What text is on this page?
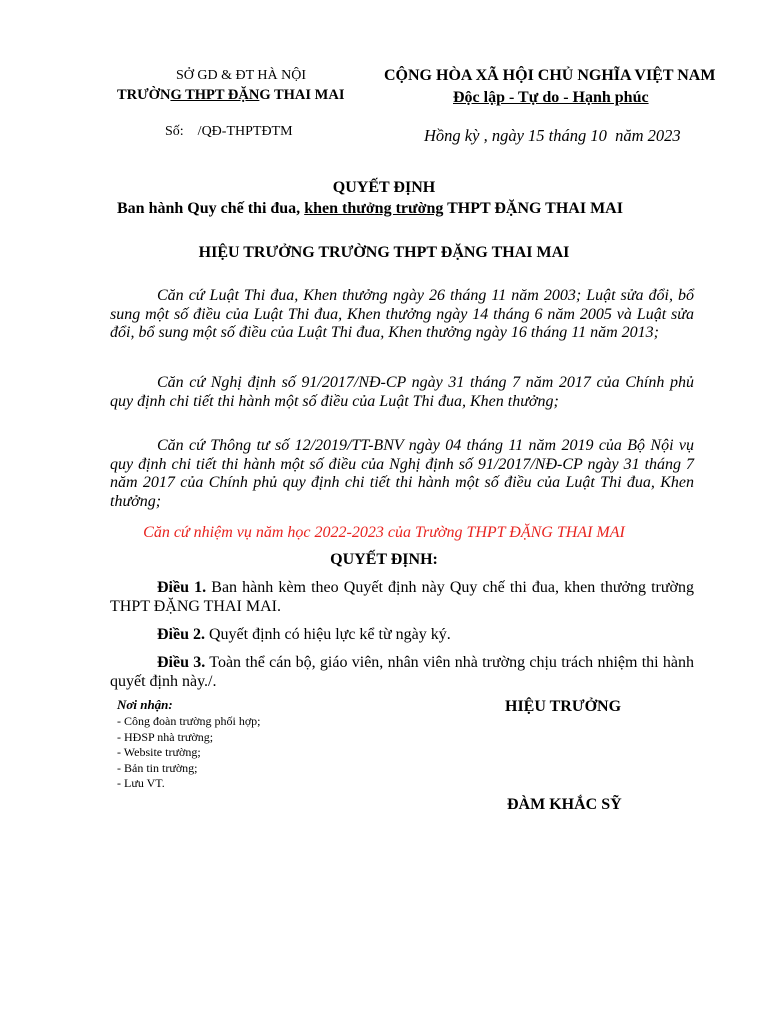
SỞ GD & ĐT HÀ NỘI
TRƯỜNG THPT ĐẶNG THAI MAI
Số:    /QĐ-THPTĐTM
CỘNG HÒA XÃ HỘI CHỦ NGHĨA VIỆT NAM
Độc lập - Tự do - Hạnh phúc
Hồng kỳ , ngày 15 tháng 10  năm 2023
QUYẾT ĐỊNH
Ban hành Quy chế thi đua, khen thưởng trường THPT ĐẶNG THAI MAI
HIỆU TRƯỞNG TRƯỜNG THPT ĐẶNG THAI MAI
Căn cứ Luật Thi đua, Khen thưởng ngày 26 tháng 11 năm 2003; Luật sửa đổi, bổ sung một số điều của Luật Thi đua, Khen thưởng ngày 14 tháng 6 năm 2005 và Luật sửa đổi, bổ sung một số điều của Luật Thi đua, Khen thưởng ngày 16 tháng 11 năm 2013;
Căn cứ Nghị định số 91/2017/NĐ-CP ngày 31 tháng 7 năm 2017 của Chính phủ quy định chi tiết thi hành một số điều của Luật Thi đua, Khen thưởng;
Căn cứ Thông tư số 12/2019/TT-BNV ngày 04 tháng 11 năm 2019 của Bộ Nội vụ quy định chi tiết thi hành một số điều của Nghị định số 91/2017/NĐ-CP ngày 31 tháng 7 năm 2017 của Chính phủ quy định chi tiết thi hành một số điều của Luật Thi đua, Khen thưởng;
Căn cứ nhiệm vụ năm học 2022-2023 của Trường THPT ĐẶNG THAI MAI
QUYẾT ĐỊNH:
Điều 1. Ban hành kèm theo Quyết định này Quy chế thi đua, khen thưởng trường THPT ĐẶNG THAI MAI.
Điều 2. Quyết định có hiệu lực kể từ ngày ký.
Điều 3. Toàn thể cán bộ, giáo viên, nhân viên nhà trường chịu trách nhiệm thi hành quyết định này./.
Nơi nhận:
- Công đoàn trường phối hợp;
- HĐSP nhà trường;
- Website trường;
- Bản tin trường;
- Lưu VT.
HIỆU TRƯỞNG
ĐÀM KHẮC SỸ
